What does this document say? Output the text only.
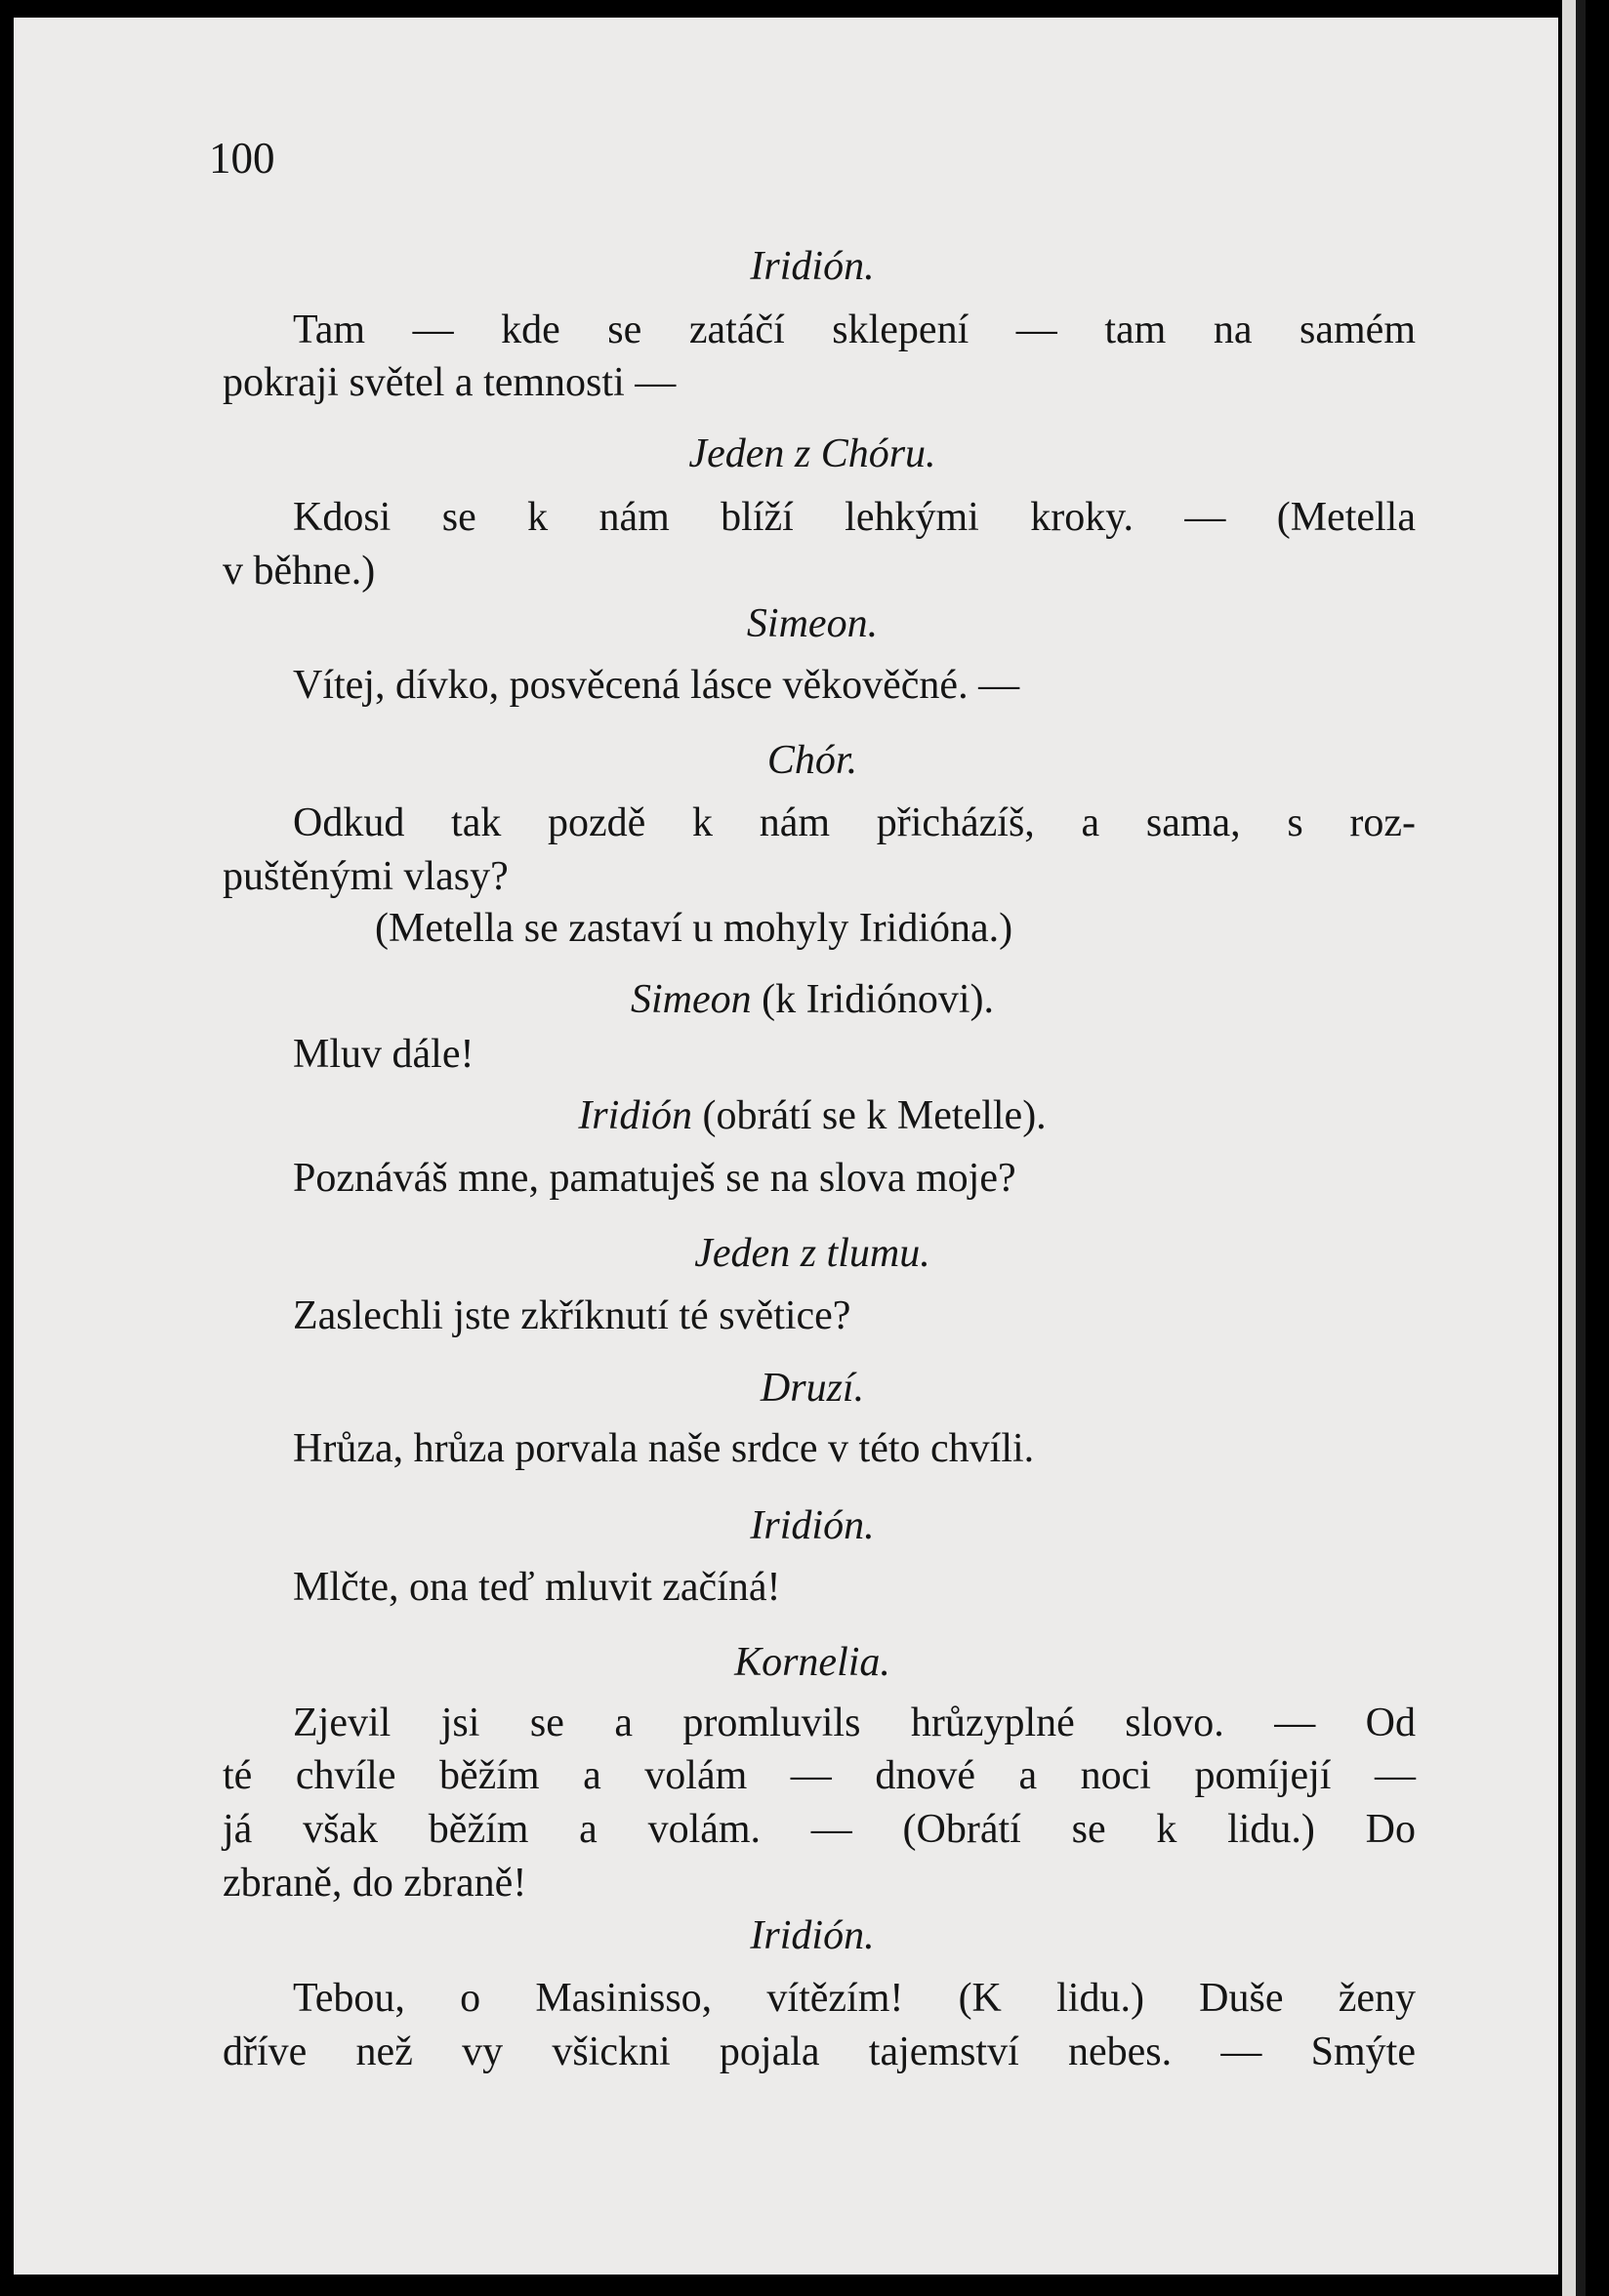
100
Iridión.
Tam — kde se zatáčí sklepení — tam na samém
pokraji světel a temnosti —
Jeden z Chóru.
Kdosi se k nám blíží lehkými kroky. — (Metella
v běhne.)
Simeon.
Vítej, dívko, posvěcená lásce věkověčné. —
Chór.
Odkud tak pozdě k nám přicházíš, a sama, s roz-
puštěnými vlasy?
(Metella se zastaví u mohyly Iridióna.)
Simeon (k Iridiónovi).
Mluv dále!
Iridión (obrátí se k Metelle).
Poznáváš mne, pamatuješ se na slova moje?
Jeden z tlumu.
Zaslechli jste zkříknutí té světice?
Druzí.
Hrůza, hrůza porvala naše srdce v této chvíli.
Iridión.
Mlčte, ona teď mluvit začíná!
Kornelia.
Zjevil jsi se a promluvils hrůzyplné slovo. — Od
té chvíle běžím a volám — dnové a noci pomíjejí —
já však běžím a volám. — (Obrátí se k lidu.) Do
zbraně, do zbraně!
Iridión.
Tebou, o Masinisso, vítězím! (K lidu.) Duše ženy
dříve než vy všickni pojala tajemství nebes. — Smýte
